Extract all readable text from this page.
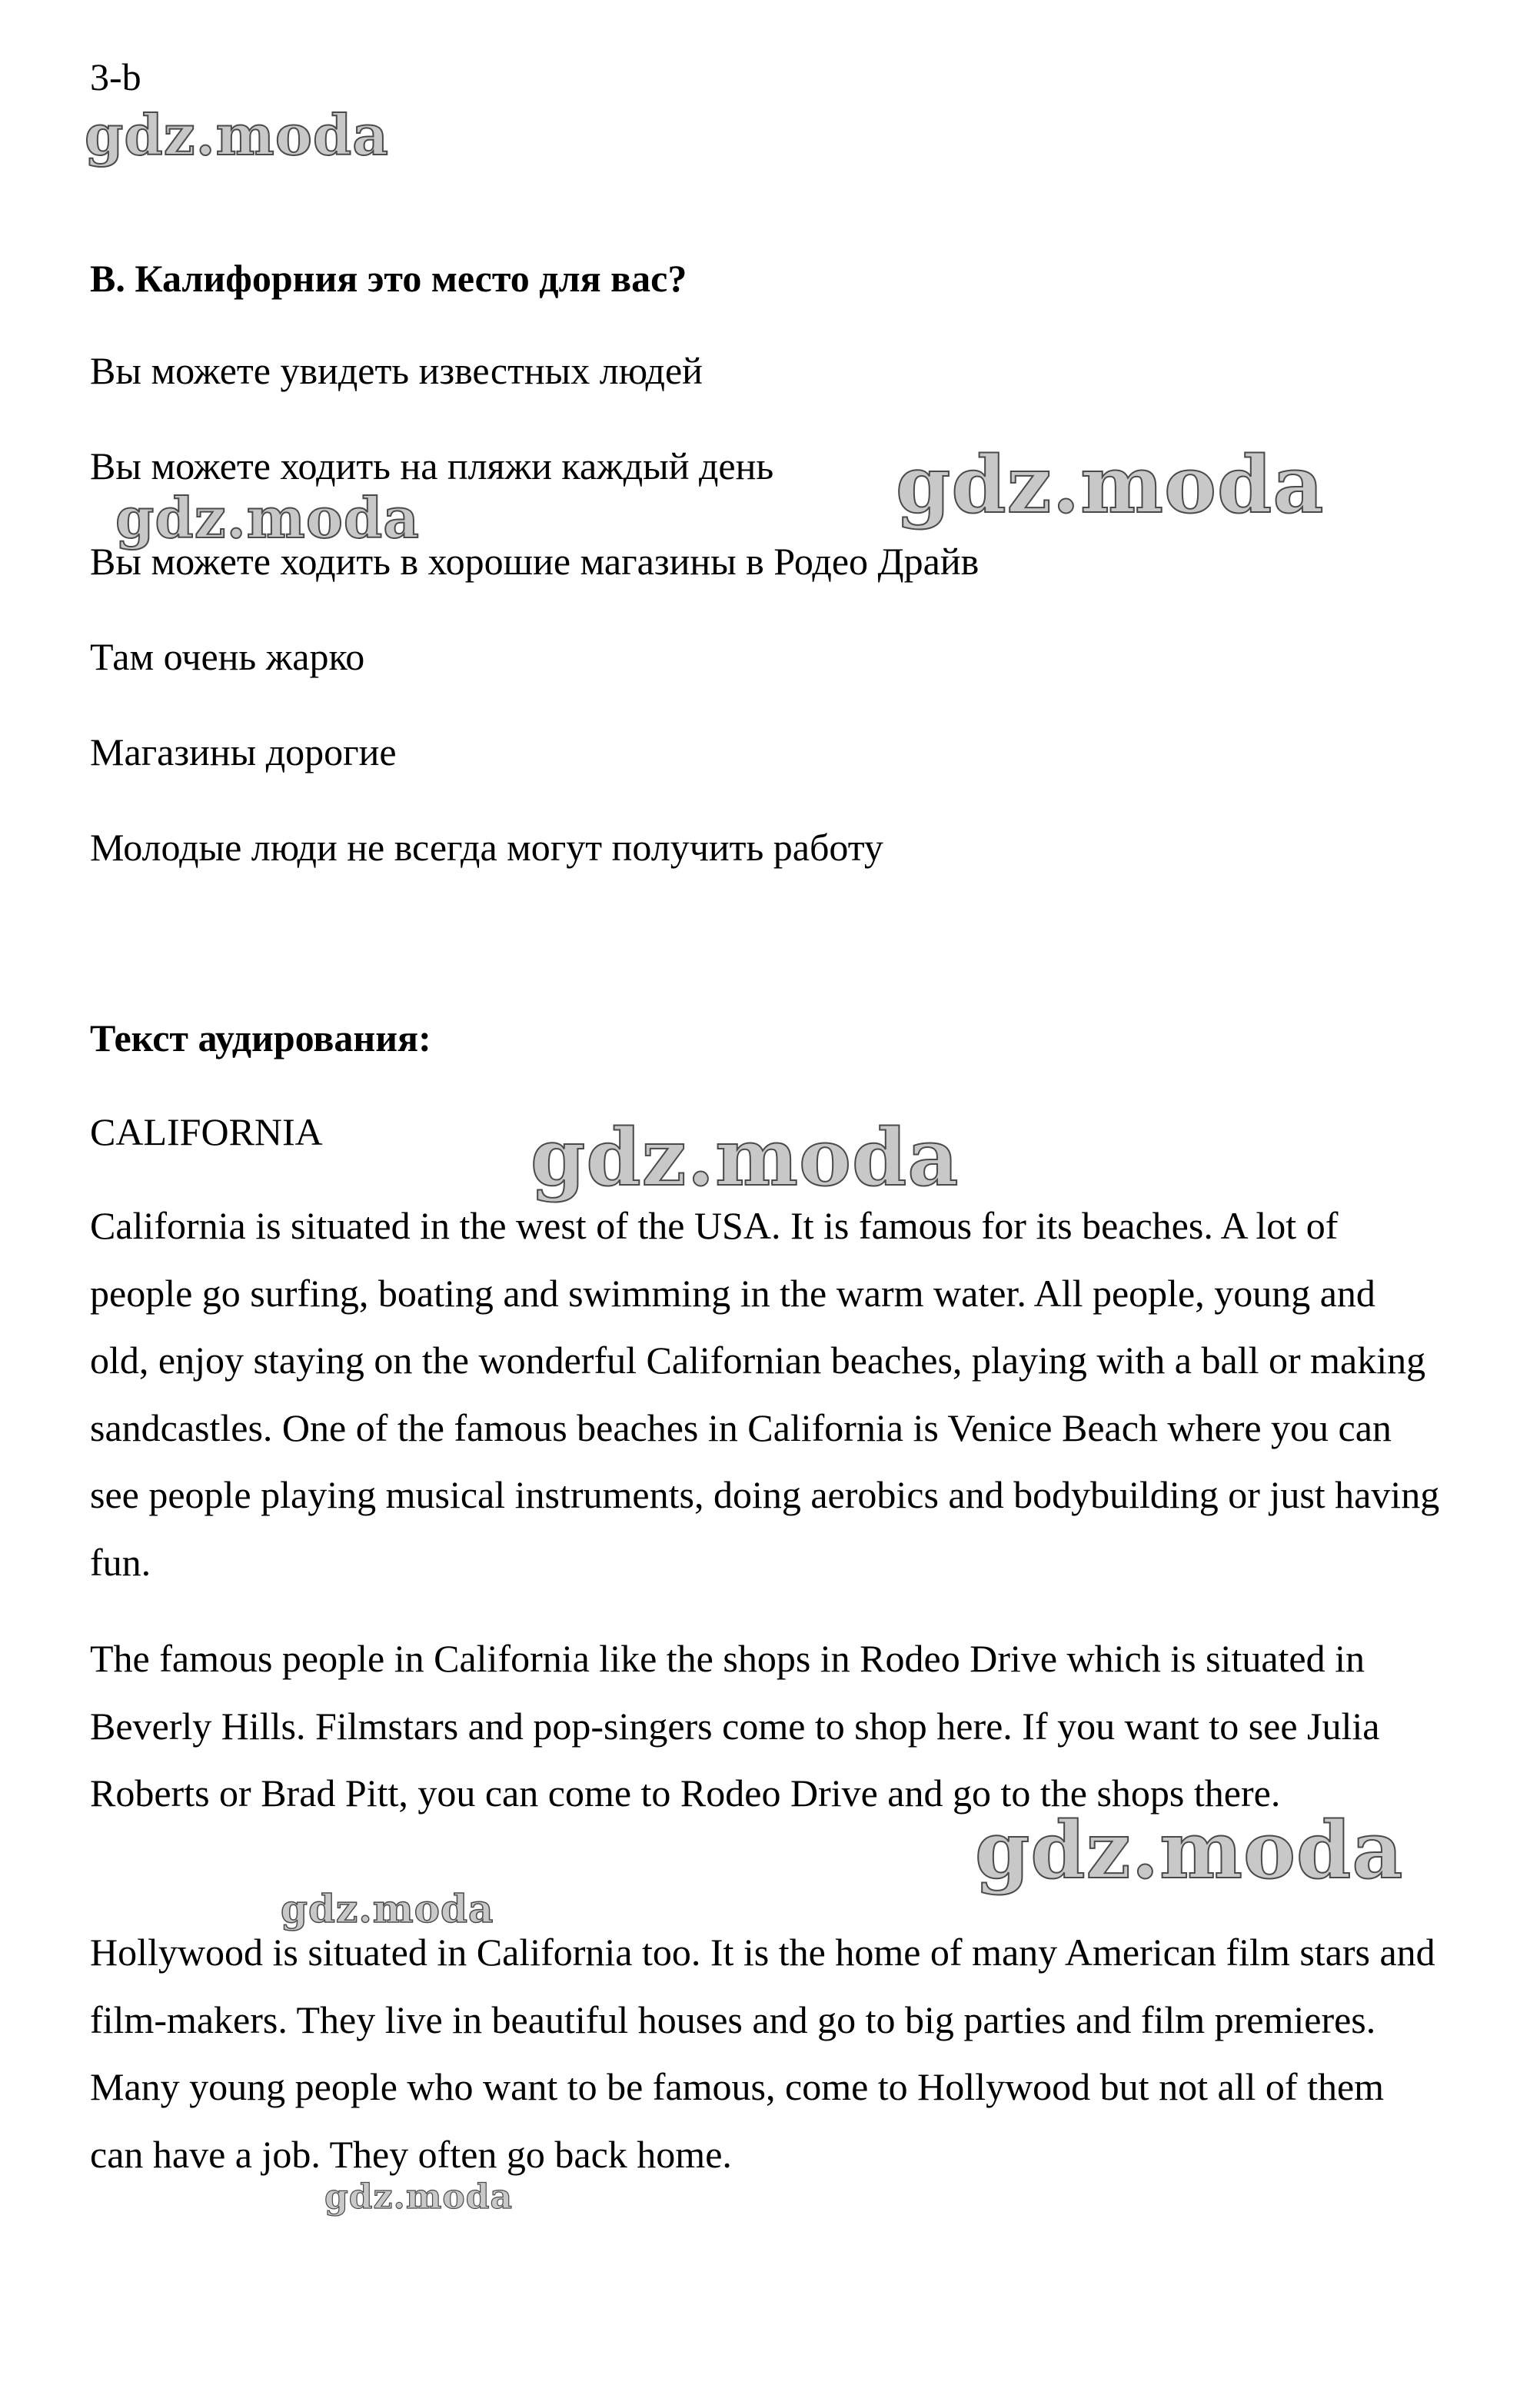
3-b

B. Калифорния это место для вас?

Вы можете увидеть известных людей

Вы можете ходить на пляжи каждый день

Вы можете ходить в хорошие магазины в Родео Драйв

Там очень жарко

Магазины дорогие

Молодые люди не всегда могут получить работу

Текст аудирования:

CALIFORNIA

California is situated in the west of the USA. It is famous for its beaches. A lot of people go surfing, boating and swimming in the warm water. All people, young and old, enjoy staying on the wonderful Californian beaches, playing with a ball or making sandcastles. One of the famous beaches in California is Venice Beach where you can see people playing musical instruments, doing aerobics and bodybuilding or just having fun.

The famous people in California like the shops in Rodeo Drive which is situated in Beverly Hills. Filmstars and pop-singers come to shop here. If you want to see Julia Roberts or Brad Pitt, you can come to Rodeo Drive and go to the shops there.

Hollywood is situated in California too. It is the home of many American film stars and film-makers. They live in beautiful houses and go to big parties and film premieres. Many young people who want to be famous, come to Hollywood but not all of them can have a job. They often go back home.

gdz.moda
gdz.moda
gdz.moda
gdz.moda
gdz.moda
gdz.moda
gdz.moda
